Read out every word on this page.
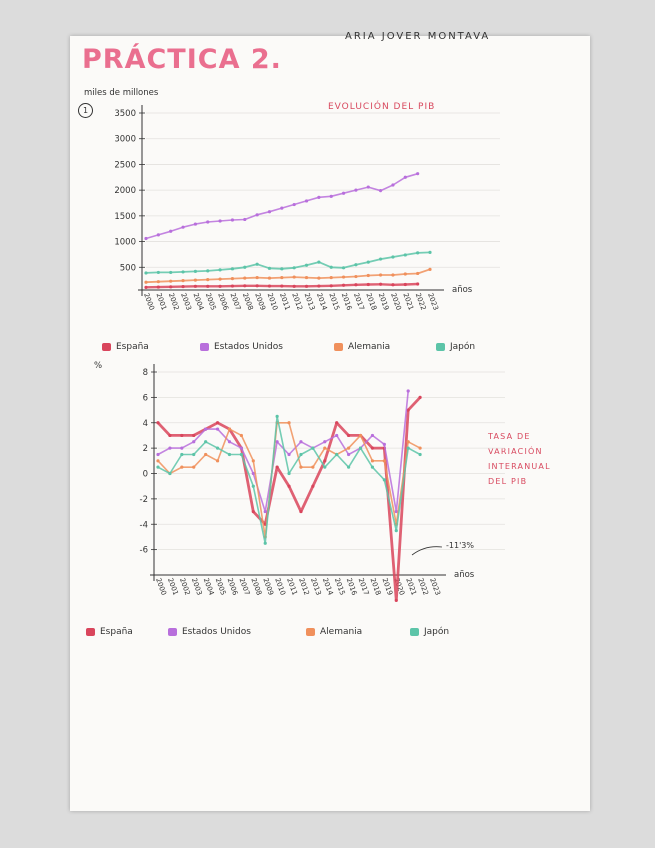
PRÁCTICA 2.
ARIA JOVER MONTAVA
1	EVOLUCIÓN DEL PIB
TASA DE
VARIACIÓN
INTERANUAL
DEL PIB
-11'3%
500
1000
1500
2000
2500
3000
3500
2000
2001
2002
2003
2004
2005
2006
2007
2008
2009
2010
2011
2012
2013
2014
2015
2016
2017
2018
2019
2020
2021
2022
2023
miles de millones
años
-6
-4
-2
0
2
4
6
8
2000
2001
2002
2003
2004
2005
2006
2007
2008
2009
2010
2011
2012
2013
2014
2015
2016
2017
2018
2019
2020
2021
2022
2023
%
años
España	Estados Unidos	Alemania	Japón
España	Estados Unidos	Alemania	Japón
